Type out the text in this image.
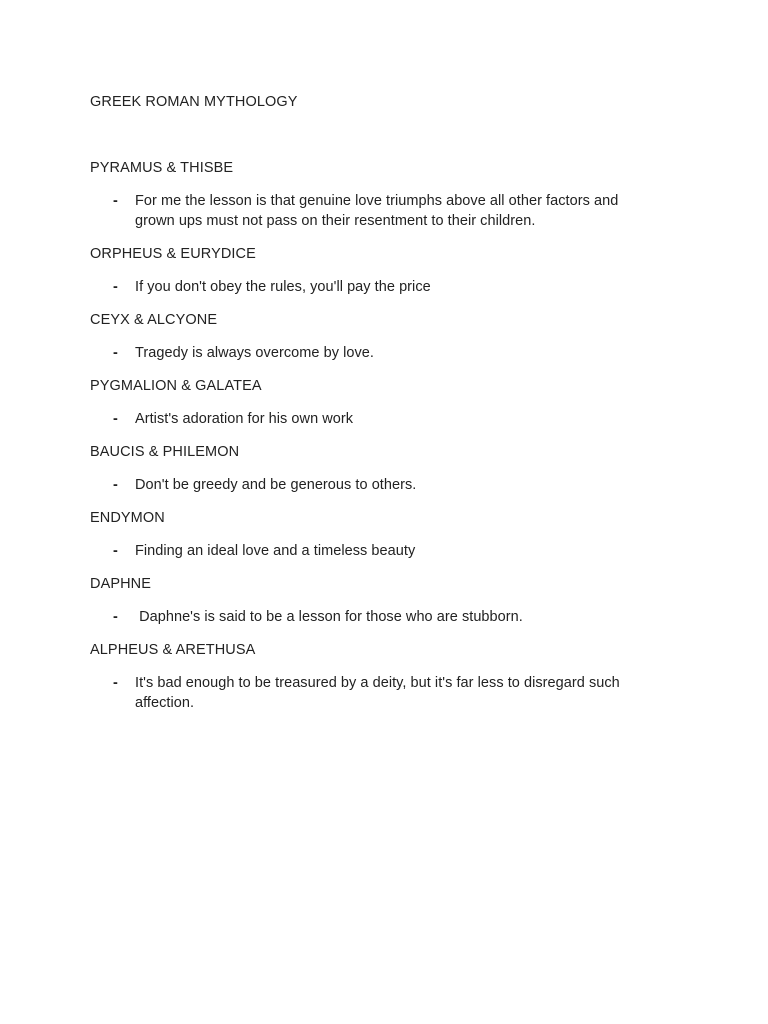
GREEK ROMAN MYTHOLOGY
PYRAMUS & THISBE
- For me the lesson is that genuine love triumphs above all other factors and grown ups must not pass on their resentment to their children.
ORPHEUS & EURYDICE
- If you don't obey the rules, you'll pay the price
CEYX & ALCYONE
- Tragedy is always overcome by love.
PYGMALION & GALATEA
- Artist's adoration for his own work
BAUCIS & PHILEMON
- Don't be greedy and be generous to others.
ENDYMON
- Finding an ideal love and a timeless beauty
DAPHNE
- Daphne's is said to be a lesson for those who are stubborn.
ALPHEUS & ARETHUSA
- It's bad enough to be treasured by a deity, but it's far less to disregard such affection.
